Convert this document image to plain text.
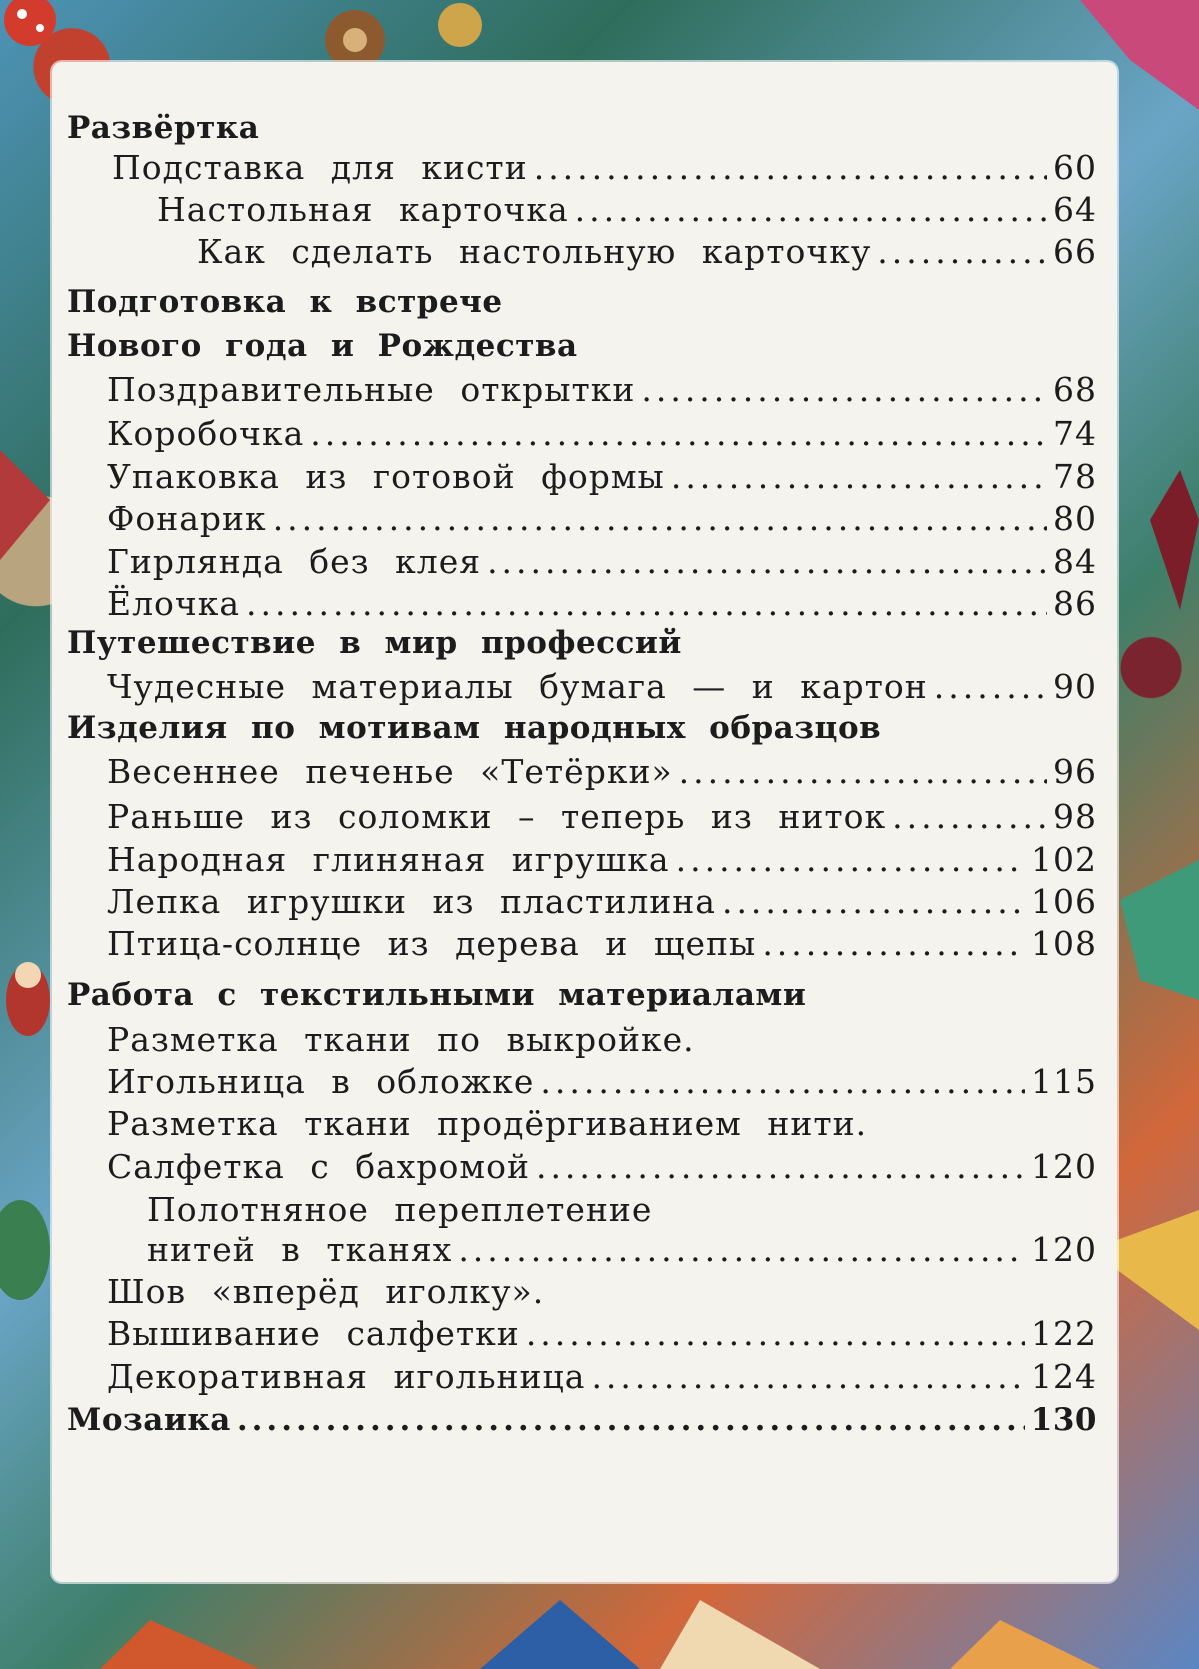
Развёртка
Подставка для кисти .....	60
Настольная карточка .....	64
Как сделать настольную карточку .....	66
Подготовка к встрече
Нового года и Рождества
Поздравительные открытки .....	68
Коробочка .....	74
Упаковка из готовой формы .....	78
Фонарик .....	80
Гирлянда без клея .....	84
Ёлочка .....	86
Путешествие в мир профессий
Чудесные материалы бумага — и картон .....	90
Изделия по мотивам народных образцов
Весеннее печенье «Тетёрки» .....	96
Раньше из соломки – теперь из ниток .....	98
Народная глиняная игрушка .....	102
Лепка игрушки из пластилина .....	106
Птица-солнце из дерева и щепы .....	108
Работа с текстильными материалами
Разметка ткани по выкройке.
Игольница в обложке .....	115
Разметка ткани продёргиванием нити.
Салфетка с бахромой .....	120
Полотняное переплетение
нитей в тканях .....	120
Шов «вперёд иголку».
Вышивание салфетки .....	122
Декоративная игольница .....	124
Мозаика .....	130
